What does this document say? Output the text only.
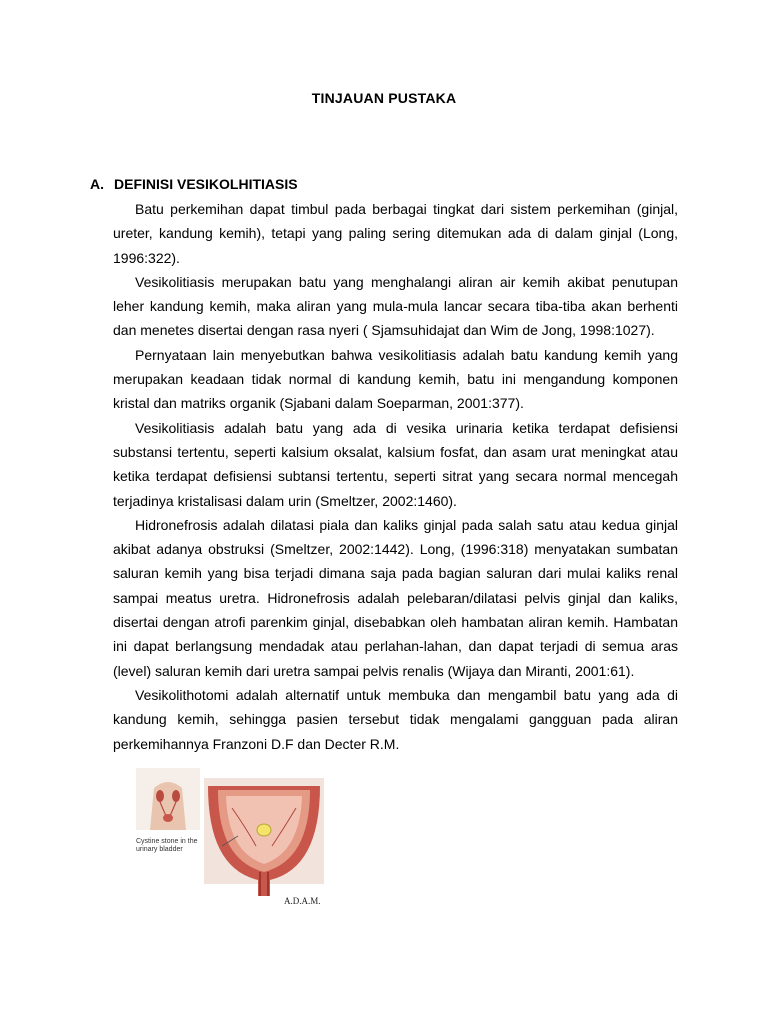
TINJAUAN PUSTAKA
A. DEFINISI VESIKOLHITIASIS

Batu perkemihan dapat timbul pada berbagai tingkat dari sistem perkemihan (ginjal, ureter, kandung kemih), tetapi yang paling sering ditemukan ada di dalam ginjal (Long, 1996:322).

Vesikolitiasis merupakan batu yang menghalangi aliran air kemih akibat penutupan leher kandung kemih, maka aliran yang mula-mula lancar secara tiba-tiba akan berhenti dan menetes disertai dengan rasa nyeri ( Sjamsuhidajat dan Wim de Jong, 1998:1027).

Pernyataan lain menyebutkan bahwa vesikolitiasis adalah batu kandung kemih yang merupakan keadaan tidak normal di kandung kemih, batu ini mengandung komponen kristal dan matriks organik (Sjabani dalam Soeparman, 2001:377).

Vesikolitiasis adalah batu yang ada di vesika urinaria ketika terdapat defisiensi substansi tertentu, seperti kalsium oksalat, kalsium fosfat, dan asam urat meningkat atau ketika terdapat defisiensi subtansi tertentu, seperti sitrat yang secara normal mencegah terjadinya kristalisasi dalam urin (Smeltzer, 2002:1460).

Hidronefrosis adalah dilatasi piala dan kaliks ginjal pada salah satu atau kedua ginjal akibat adanya obstruksi (Smeltzer, 2002:1442). Long, (1996:318) menyatakan sumbatan saluran kemih yang bisa terjadi dimana saja pada bagian saluran dari mulai kaliks renal sampai meatus uretra. Hidronefrosis adalah pelebaran/dilatasi pelvis ginjal dan kaliks, disertai dengan atrofi parenkim ginjal, disebabkan oleh hambatan aliran kemih. Hambatan ini dapat berlangsung mendadak atau perlahan-lahan, dan dapat terjadi di semua aras (level) saluran kemih dari uretra sampai pelvis renalis (Wijaya dan Miranti, 2001:61).

Vesikolithotomi adalah alternatif untuk membuka dan mengambil batu yang ada di kandung kemih, sehingga pasien tersebut tidak mengalami gangguan pada aliran perkemihannya Franzoni D.F dan Decter R.M.

Cystine stone in the urinary bladder
A.D.A.M.
